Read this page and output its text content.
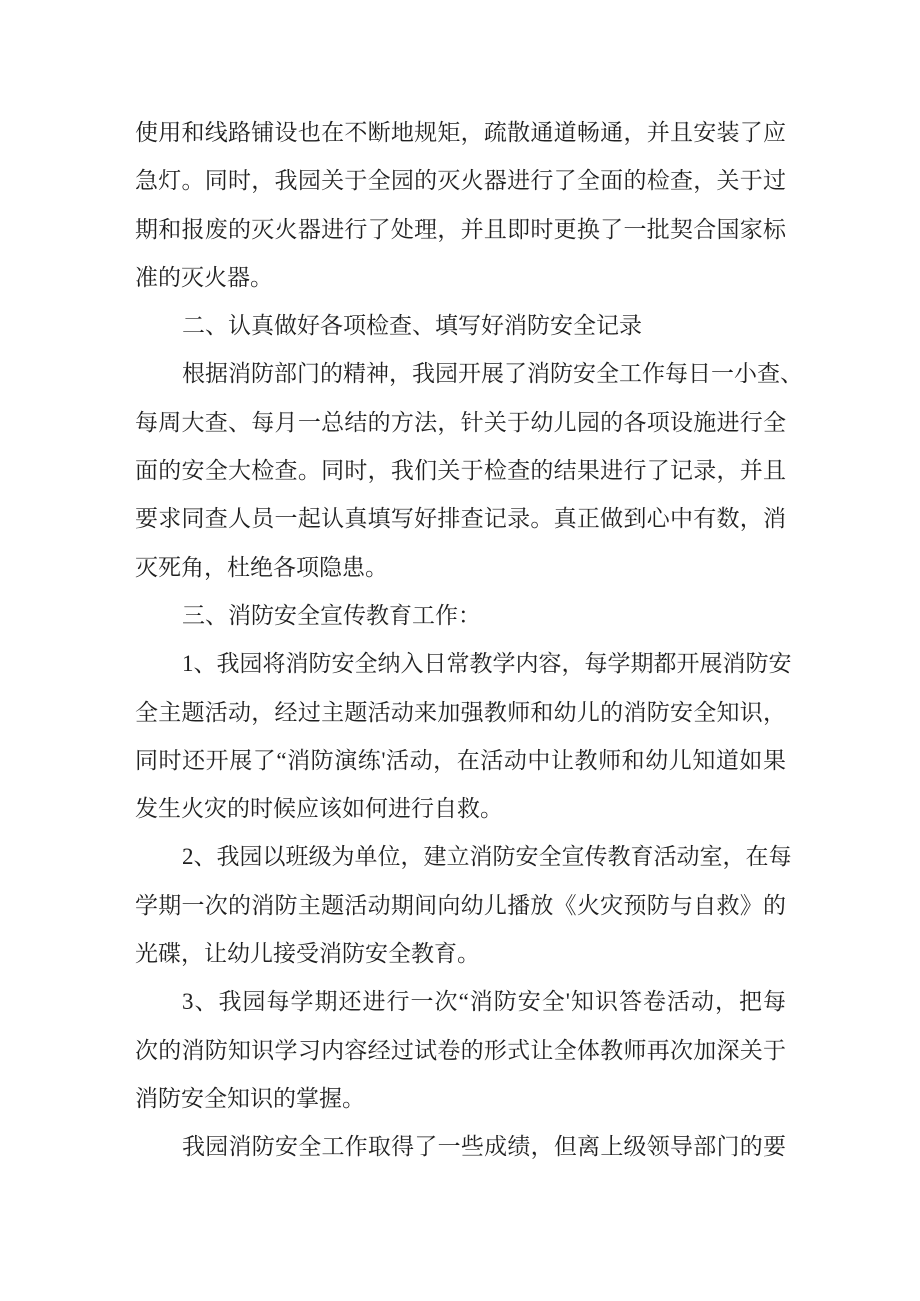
使用和线路铺设也在不断地规矩，疏散通道畅通，并且安装了应
急灯。同时，我园关于全园的灭火器进行了全面的检查，关于过
期和报废的灭火器进行了处理，并且即时更换了一批契合国家标
准的灭火器。
二、认真做好各项检查、填写好消防安全记录
根据消防部门的精神，我园开展了消防安全工作每日一小查、
每周大查、每月一总结的方法，针关于幼儿园的各项设施进行全
面的安全大检查。同时，我们关于检查的结果进行了记录，并且
要求同查人员一起认真填写好排查记录。真正做到心中有数，消
灭死角，杜绝各项隐患。
三、消防安全宣传教育工作：
1、我园将消防安全纳入日常教学内容，每学期都开展消防安
全主题活动，经过主题活动来加强教师和幼儿的消防安全知识，
同时还开展了“消防演练'活动，在活动中让教师和幼儿知道如果
发生火灾的时候应该如何进行自救。
2、我园以班级为单位，建立消防安全宣传教育活动室，在每
学期一次的消防主题活动期间向幼儿播放《火灾预防与自救》的
光碟，让幼儿接受消防安全教育。
3、我园每学期还进行一次“消防安全'知识答卷活动，把每
次的消防知识学习内容经过试卷的形式让全体教师再次加深关于
消防安全知识的掌握。
我园消防安全工作取得了一些成绩，但离上级领导部门的要
